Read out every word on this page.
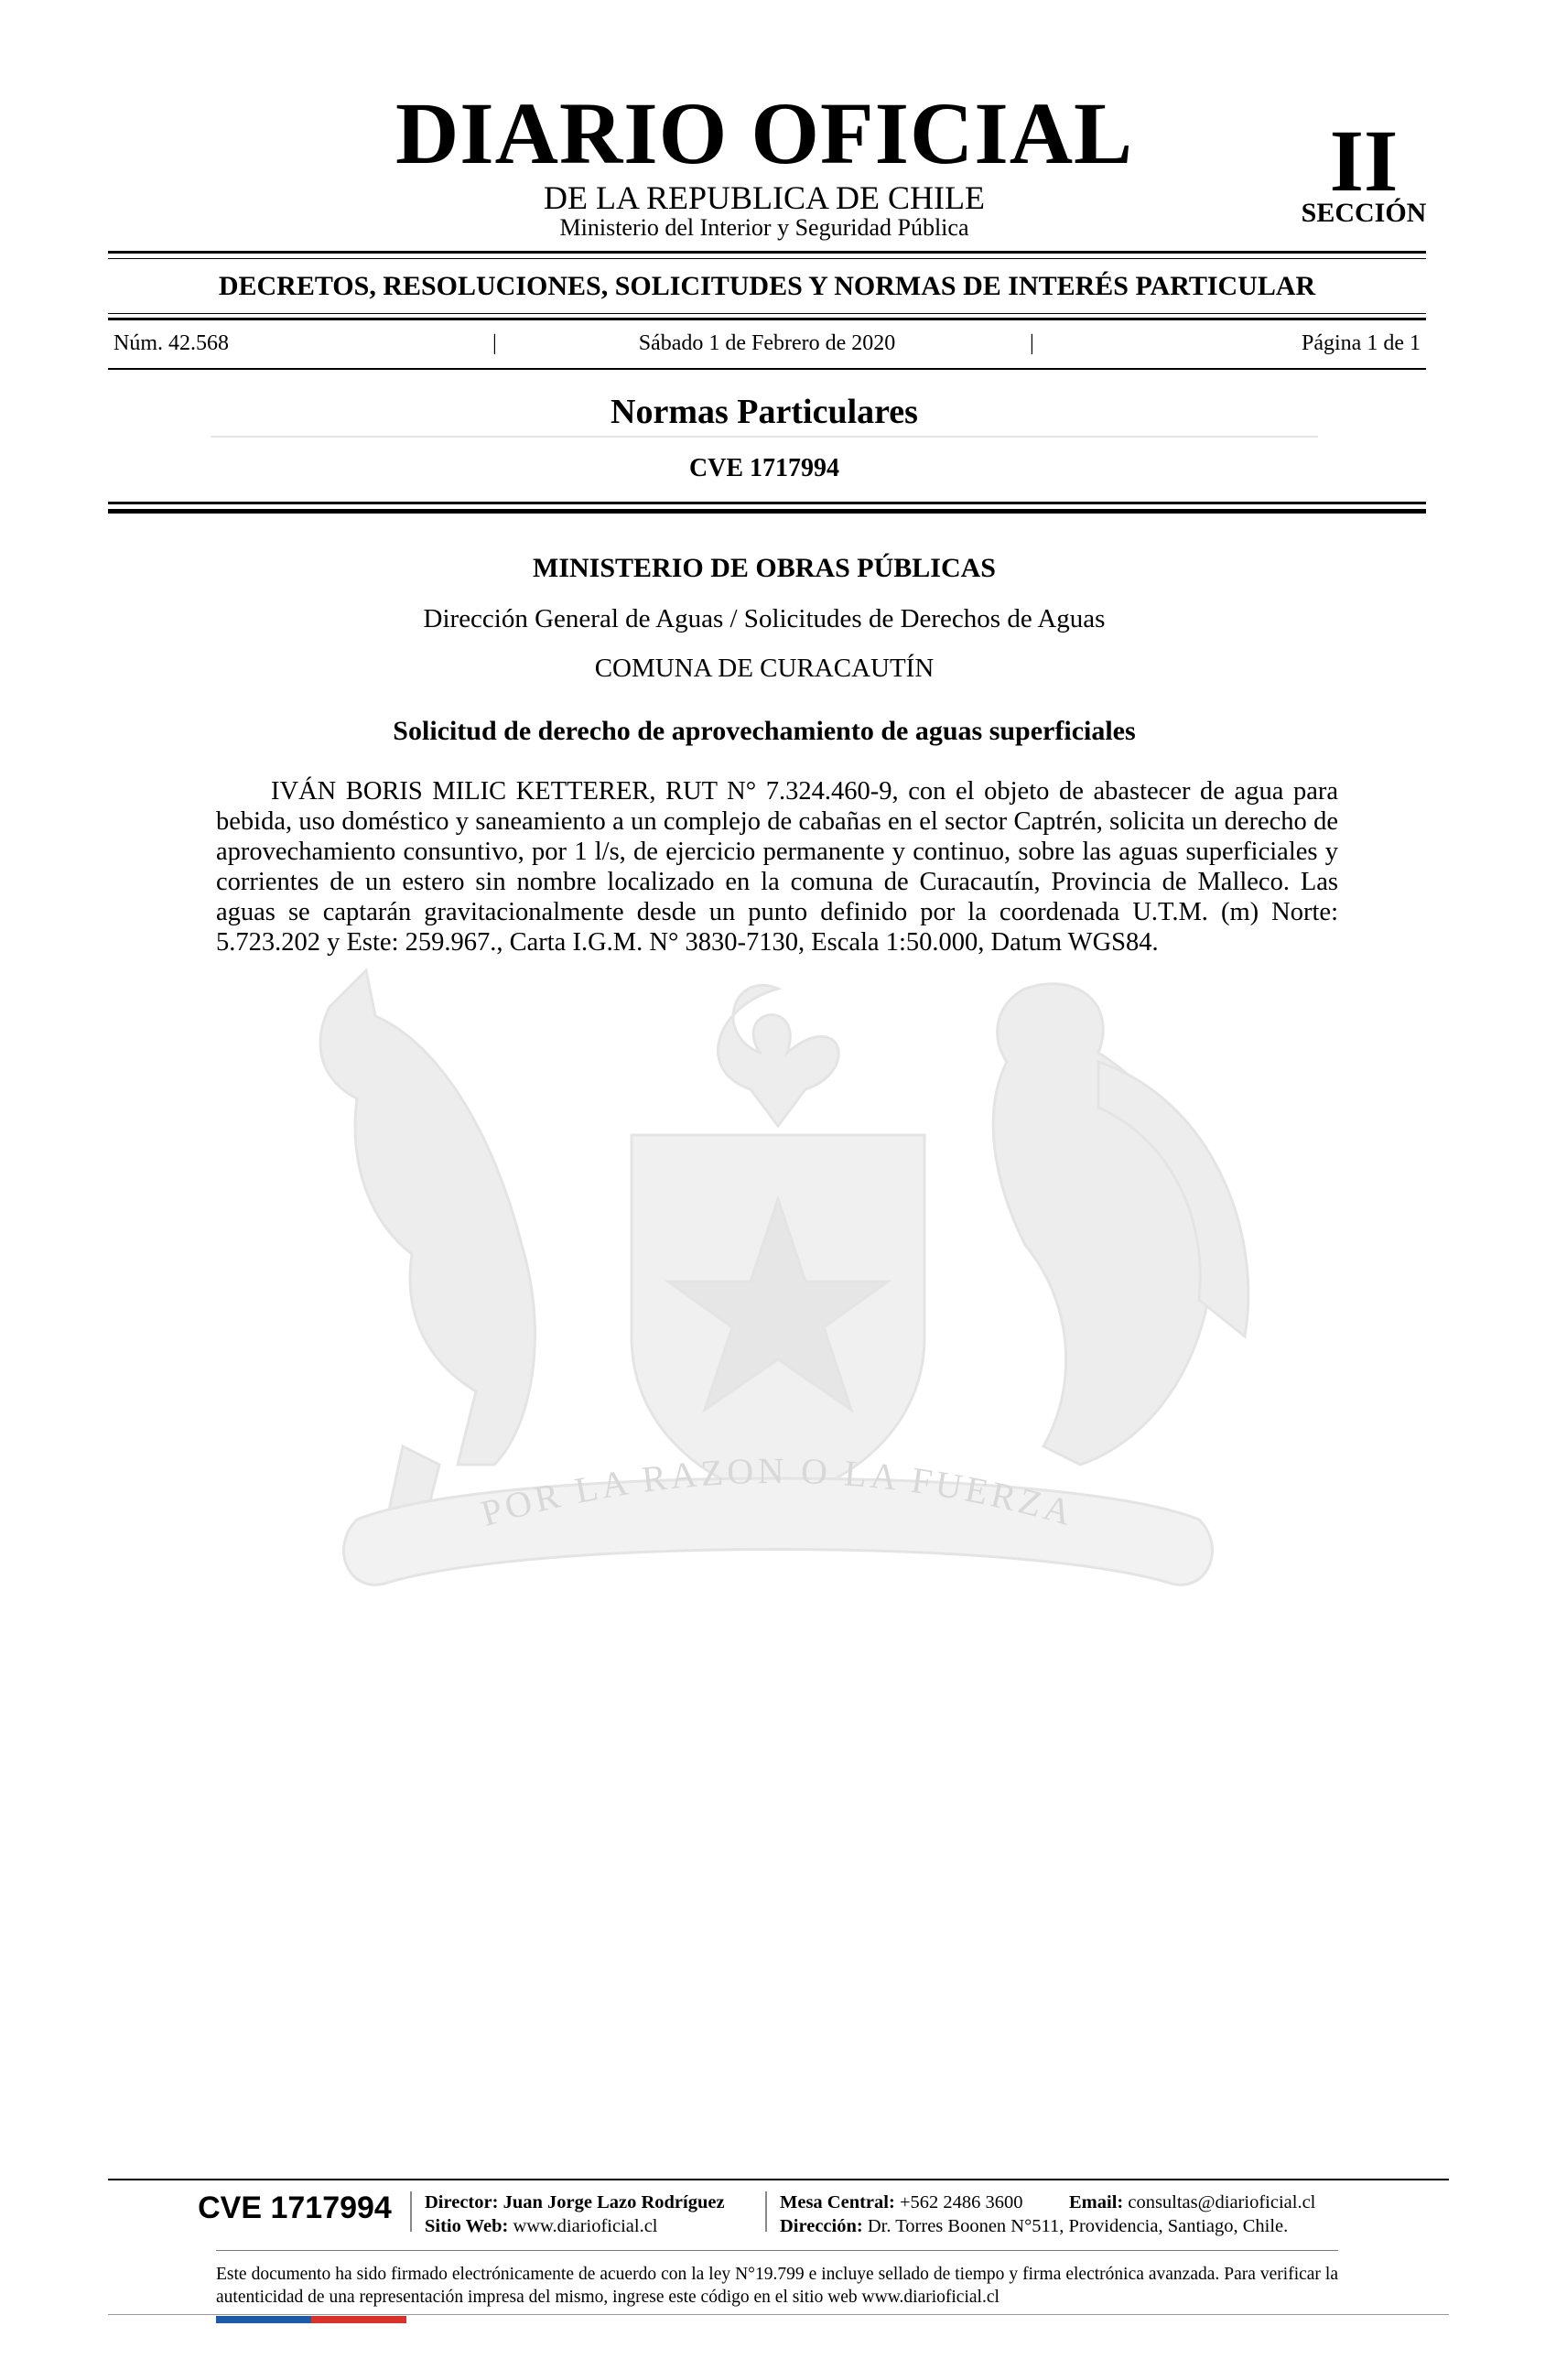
POR LA RAZON O LA FUERZA
DIARIO OFICIAL
DE LA REPUBLICA DE CHILE
Ministerio del Interior y Seguridad Pública
II
SECCIÓN
DECRETOS, RESOLUCIONES, SOLICITUDES Y NORMAS DE INTERÉS PARTICULAR
Núm. 42.568	|	Sábado 1 de Febrero de 2020	|	Página 1 de 1
Normas Particulares
CVE 1717994
MINISTERIO DE OBRAS PÚBLICAS
Dirección General de Aguas / Solicitudes de Derechos de Aguas
COMUNA DE CURACAUTÍN
Solicitud de derecho de aprovechamiento de aguas superficiales

IVÁN BORIS MILIC KETTERER, RUT N° 7.324.460-9, con el objeto de abastecer de agua para bebida, uso doméstico y saneamiento a un complejo de cabañas en el sector Captrén, solicita un derecho de aprovechamiento consuntivo, por 1 l/s, de ejercicio permanente y continuo, sobre las aguas superficiales y corrientes de un estero sin nombre localizado en la comuna de Curacautín, Provincia de Malleco. Las aguas se captarán gravitacionalmente desde un punto definido por la coordenada U.T.M. (m) Norte: 5.723.202 y Este: 259.967., Carta I.G.M. N° 3830-7130, Escala 1:50.000, Datum WGS84.

CVE 1717994	Director: Juan Jorge Lazo Rodríguez
Sitio Web: www.diarioficial.cl
Mesa Central: +562 2486 3600 Email: consultas@diarioficial.cl
Dirección: Dr. Torres Boonen N°511, Providencia, Santiago, Chile.
Este documento ha sido firmado electrónicamente de acuerdo con la ley N°19.799 e incluye sellado de tiempo y firma electrónica avanzada. Para verificar la autenticidad de una representación impresa del mismo, ingrese este código en el sitio web www.diarioficial.cl
